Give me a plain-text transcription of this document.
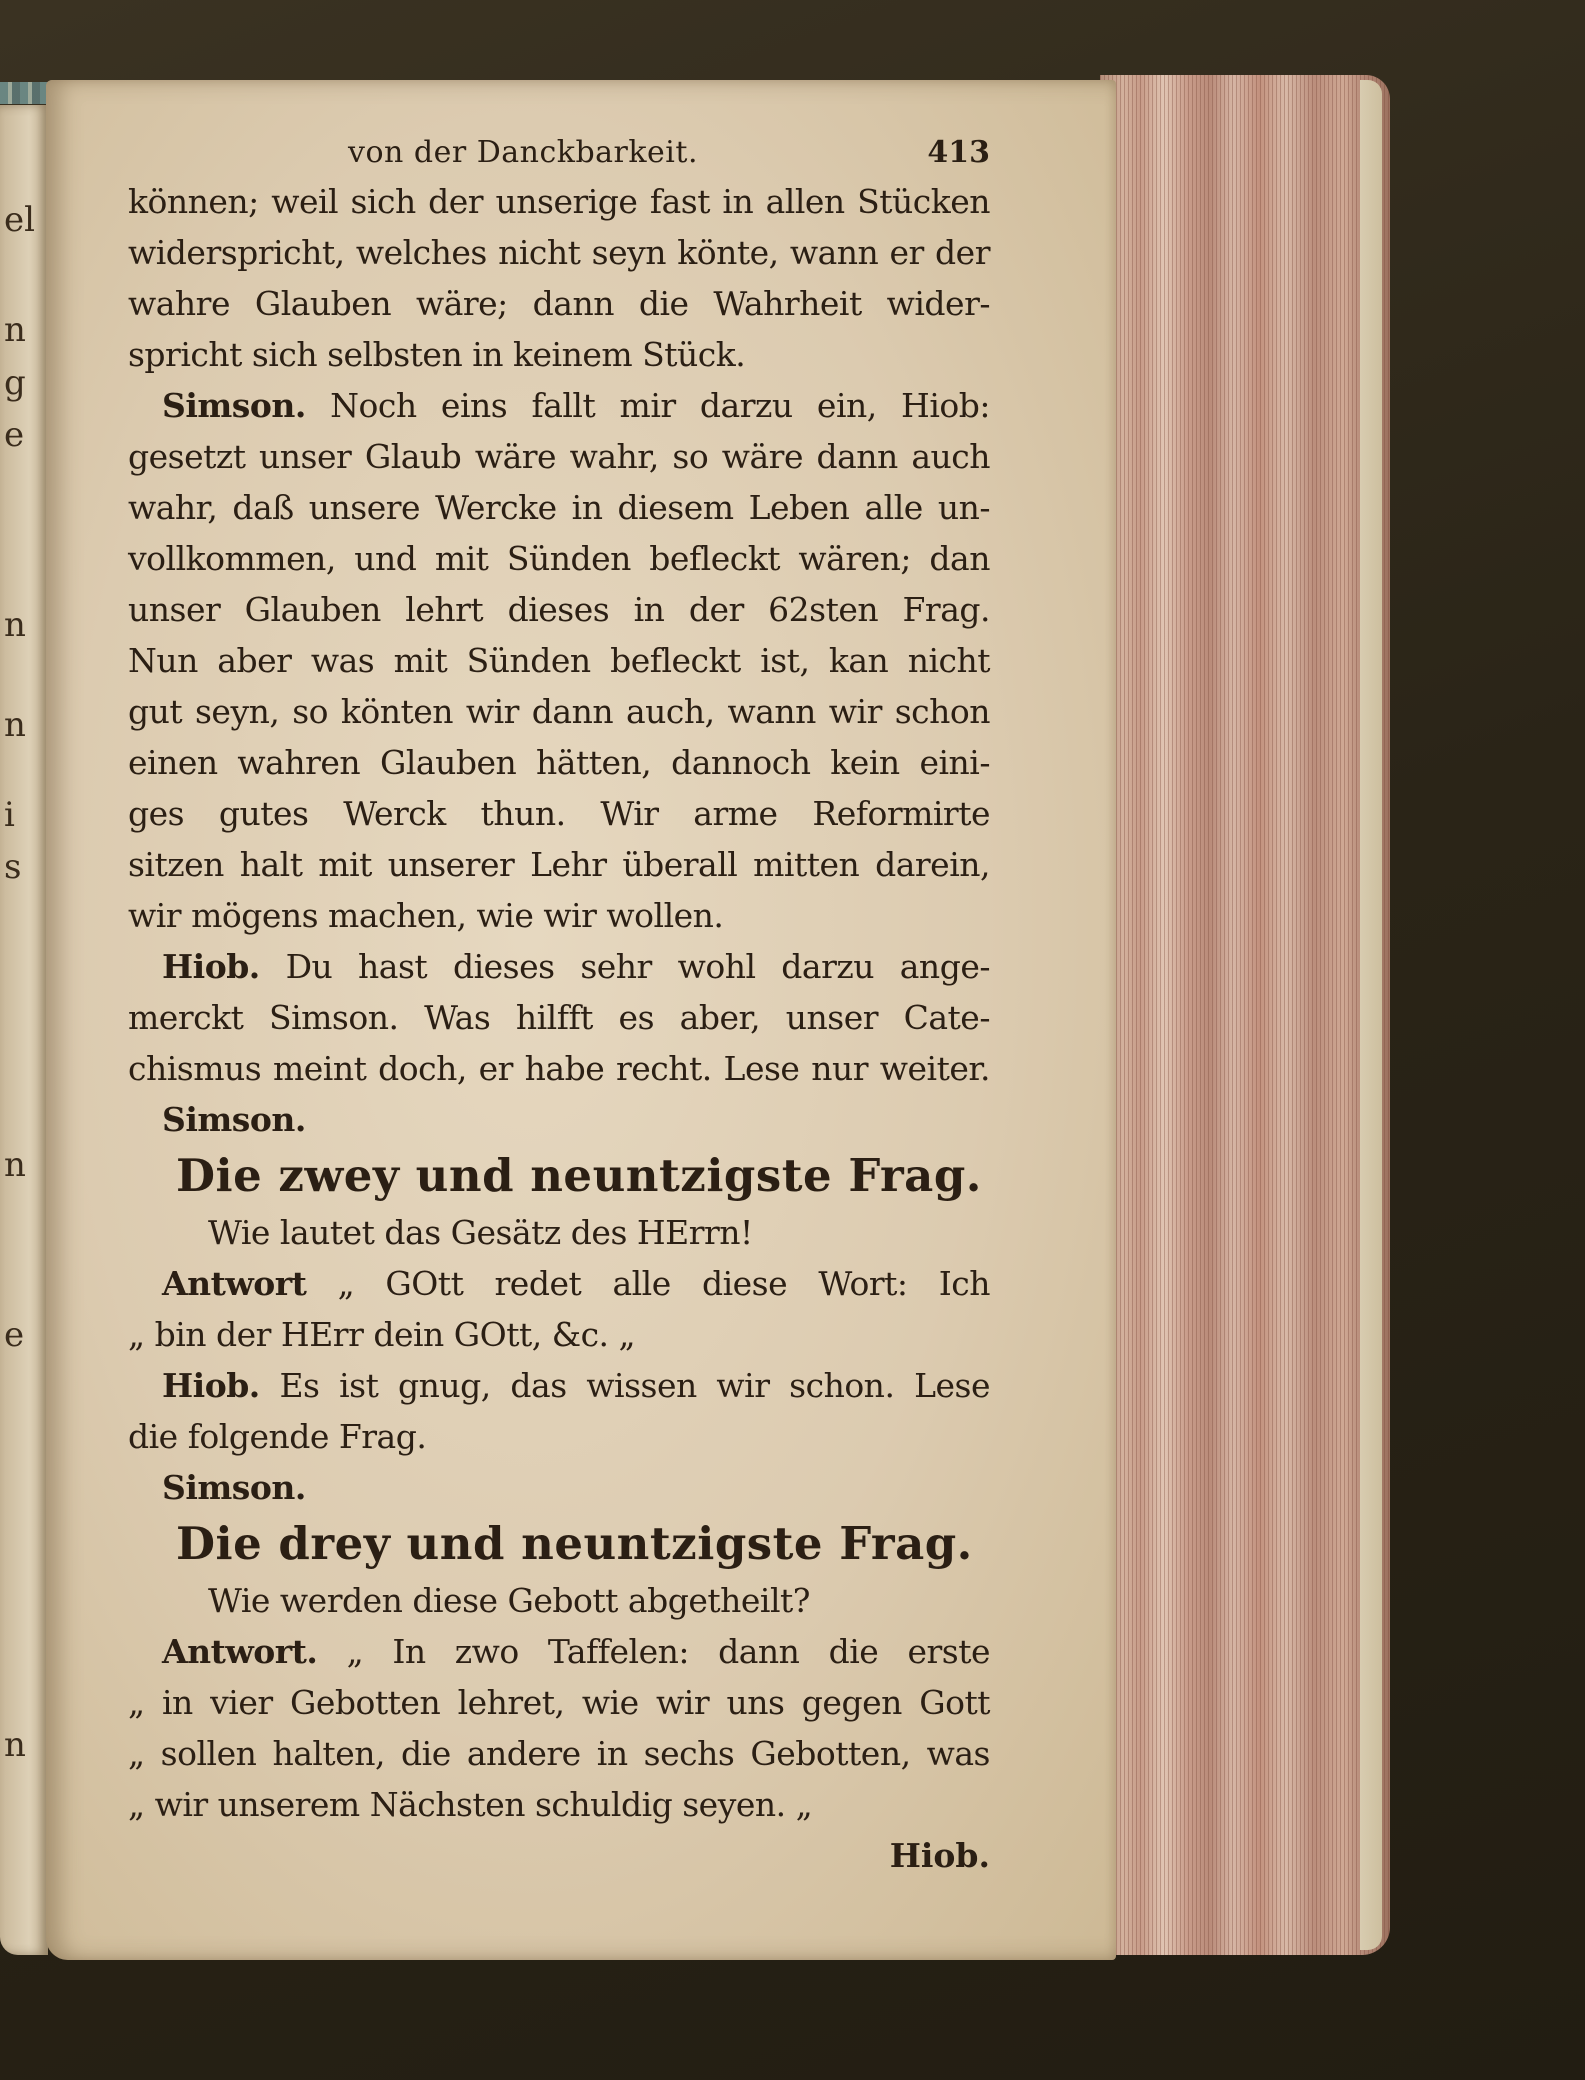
el
n
g
e
n
n
i
s
n
e
n
von der Danckbarkeit.	413
können; weil sich der unserige fast in allen Stücken
widerspricht, welches nicht seyn könte, wann er der
wahre Glauben wäre; dann die Wahrheit wider-
spricht sich selbsten in keinem Stück.
Simson. Noch eins fallt mir darzu ein, Hiob:
gesetzt unser Glaub wäre wahr, so wäre dann auch
wahr, daß unsere Wercke in diesem Leben alle un-
vollkommen, und mit Sünden befleckt wären; dan
unser Glauben lehrt dieses in der 62sten Frag.
Nun aber was mit Sünden befleckt ist, kan nicht
gut seyn, so könten wir dann auch, wann wir schon
einen wahren Glauben hätten, dannoch kein eini-
ges gutes Werck thun. Wir arme Reformirte
sitzen halt mit unserer Lehr überall mitten darein,
wir mögens machen, wie wir wollen.
Hiob. Du hast dieses sehr wohl darzu ange-
merckt Simson. Was hilfft es aber, unser Cate-
chismus meint doch, er habe recht. Lese nur weiter.
Simson.
Die zwey und neuntzigste Frag.
Wie lautet das Gesätz des HErrn!
Antwort „ GOtt redet alle diese Wort: Ich
„ bin der HErr dein GOtt, &c. „
Hiob. Es ist gnug, das wissen wir schon. Lese
die folgende Frag.
Simson.
Die drey und neuntzigste Frag.
Wie werden diese Gebott abgetheilt?
Antwort. „ In zwo Taffelen: dann die erste
„ in vier Gebotten lehret, wie wir uns gegen Gott
„ sollen halten, die andere in sechs Gebotten, was
„ wir unserem Nächsten schuldig seyen. „
Hiob.
